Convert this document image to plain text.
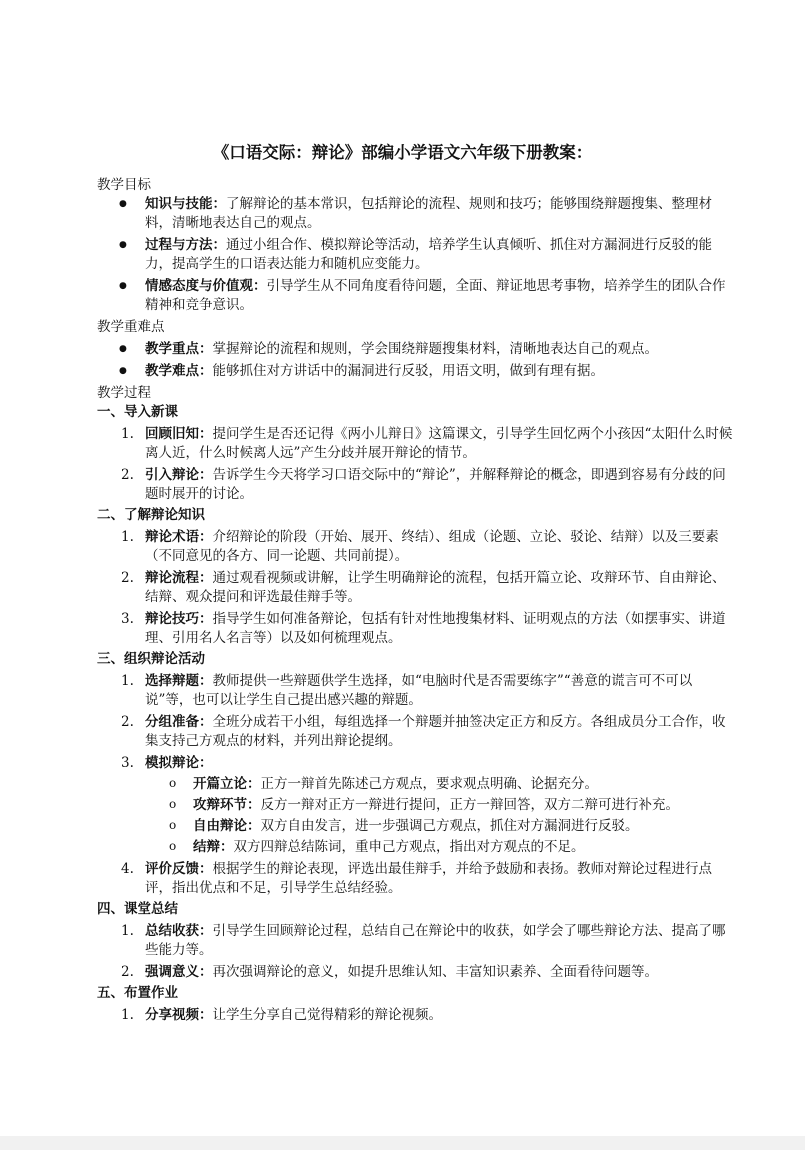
《口语交际：辩论》部编小学语文六年级下册教案：
教学目标
● 知识与技能：了解辩论的基本常识，包括辩论的流程、规则和技巧；能够围绕辩题搜集、整理材料，清晰地表达自己的观点。
● 过程与方法：通过小组合作、模拟辩论等活动，培养学生认真倾听、抓住对方漏洞进行反驳的能力，提高学生的口语表达能力和随机应变能力。
● 情感态度与价值观：引导学生从不同角度看待问题，全面、辩证地思考事物，培养学生的团队合作精神和竞争意识。
教学重难点
● 教学重点：掌握辩论的流程和规则，学会围绕辩题搜集材料，清晰地表达自己的观点。
● 教学难点：能够抓住对方讲话中的漏洞进行反驳，用语文明，做到有理有据。
教学过程
一、导入新课
1. 回顾旧知：提问学生是否还记得《两小儿辩日》这篇课文，引导学生回忆两个小孩因“太阳什么时候离人近，什么时候离人远”产生分歧并展开辩论的情节。
2. 引入辩论：告诉学生今天将学习口语交际中的“辩论”，并解释辩论的概念，即遇到容易有分歧的问题时展开的讨论。
二、了解辩论知识
1. 辩论术语：介绍辩论的阶段（开始、展开、终结）、组成（论题、立论、驳论、结辩）以及三要素（不同意见的各方、同一论题、共同前提）。
2. 辩论流程：通过观看视频或讲解，让学生明确辩论的流程，包括开篇立论、攻辩环节、自由辩论、结辩、观众提问和评选最佳辩手等。
3. 辩论技巧：指导学生如何准备辩论，包括有针对性地搜集材料、证明观点的方法（如摆事实、讲道理、引用名人名言等）以及如何梳理观点。
三、组织辩论活动
1. 选择辩题：教师提供一些辩题供学生选择，如“电脑时代是否需要练字”“善意的谎言可不可以说”等，也可以让学生自己提出感兴趣的辩题。
2. 分组准备：全班分成若干小组，每组选择一个辩题并抽签决定正方和反方。各组成员分工合作，收集支持己方观点的材料，并列出辩论提纲。
3. 模拟辩论：
o 开篇立论：正方一辩首先陈述己方观点，要求观点明确、论据充分。
o 攻辩环节：反方一辩对正方一辩进行提问，正方一辩回答，双方二辩可进行补充。
o 自由辩论：双方自由发言，进一步强调己方观点，抓住对方漏洞进行反驳。
o 结辩：双方四辩总结陈词，重申己方观点，指出对方观点的不足。
4. 评价反馈：根据学生的辩论表现，评选出最佳辩手，并给予鼓励和表扬。教师对辩论过程进行点评，指出优点和不足，引导学生总结经验。
四、课堂总结
1. 总结收获：引导学生回顾辩论过程，总结自己在辩论中的收获，如学会了哪些辩论方法、提高了哪些能力等。
2. 强调意义：再次强调辩论的意义，如提升思维认知、丰富知识素养、全面看待问题等。
五、布置作业
1. 分享视频：让学生分享自己觉得精彩的辩论视频。
